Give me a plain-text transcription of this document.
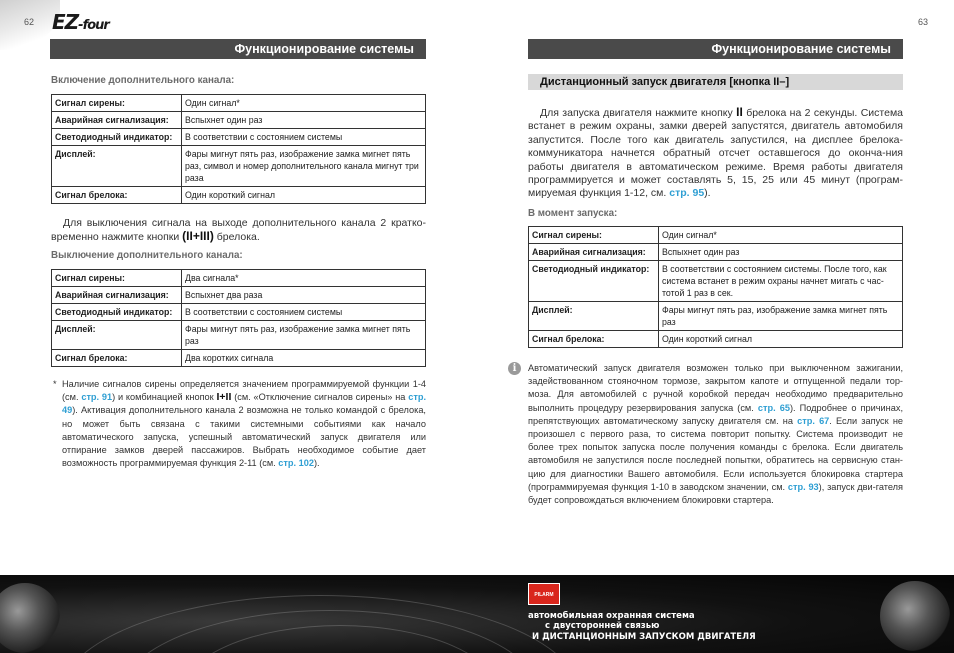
62	63
EZ-four
Функционирование системы
Включение дополнительного канала:
Сигнал сирены:	Один сигнал*
Аварийная сигнализация:	Вспыхнет один раз
Светодиодный индикатор:	В соответствии с состоянием системы
Дисплей:	Фары мигнут пять раз, изображение замка мигнет пять раз, символ и номер дополнительного канала мигнут три раза
Сигнал брелока:	Один короткий сигнал
Для выключения сигнала на выходе дополнительного канала 2 кратко-временно нажмите кнопки (II+III) брелока.
Выключение дополнительного канала:
Сигнал сирены:	Два сигнала*
Аварийная сигнализация:	Вспыхнет два раза
Светодиодный индикатор:	В соответствии с состоянием системы
Дисплей:	Фары мигнут пять раз, изображение замка мигнет пять раз
Сигнал брелока:	Два коротких сигнала
* Наличие сигналов сирены определяется значением программируемой функции 1-4 (см. стр. 91) и комбинацией кнопок I+II (см. «Отключение сигналов сирены» на стр. 49). Активация дополнительного канала 2 возможна не только командой с брелока, но может быть связана с такими системными событиями как начало автоматического запуска, успешный автоматический запуск двигателя или отпирание замков дверей пассажиров. Выбрать необходимое событие дает возможность программируемая функция 2-11 (см. стр. 102).
Функционирование системы
Дистанционный запуск двигателя [кнопка II–]
Для запуска двигателя нажмите кнопку II брелока на 2 секунды. Система встанет в режим охраны, замки дверей запустятся, двигатель автомобиля запустится. После того как двигатель запустился, на дисплее брелока-коммуникатора начнется обратный отсчет оставшегося до оконча-ния работы двигателя в автоматическом режиме. Время работы двигателя программируется и может составлять 5, 15, 25 или 45 минут (програм-мируемая функция 1-12, см. стр. 95).
В момент запуска:
Сигнал сирены:	Один сигнал*
Аварийная сигнализация:	Вспыхнет один раз
Светодиодный индикатор:	В соответствии с состоянием системы. После того, как система встанет в режим охраны начнет мигать с час-тотой 1 раз в сек.
Дисплей:	Фары мигнут пять раз, изображение замка мигнет пять раз
Сигнал брелока:	Один короткий сигнал
i	Автоматический запуск двигателя возможен только при выключенном зажигании, задействованном стояночном тормозе, закрытом капоте и отпущенной педали тор-моза. Для автомобилей с ручной коробкой передач необходимо предварительно выполнить процедуру резервирования запуска (см. стр. 65). Подробнее о причинах, препятствующих автоматическому запуску двигателя см. на стр. 67. Если запуск не произошел с первого раза, то система повторит попытку. Система производит не более трех попыток запуска после получения команды с брелока. Если двигатель автомобиля не запустился после последней попытки, обратитесь на сервисную стан-цию для диагностики Вашего автомобиля. Если используется блокировка стартера (программируемая функция 1-10 в заводском значении, см. стр. 93), запуск дви-гателя будет сопровождаться включением блокировки стартера.
PILARM
автомобильная охранная система
с двусторонней связью
И ДИСТАНЦИОННЫМ ЗАПУСКОМ ДВИГАТЕЛЯ
